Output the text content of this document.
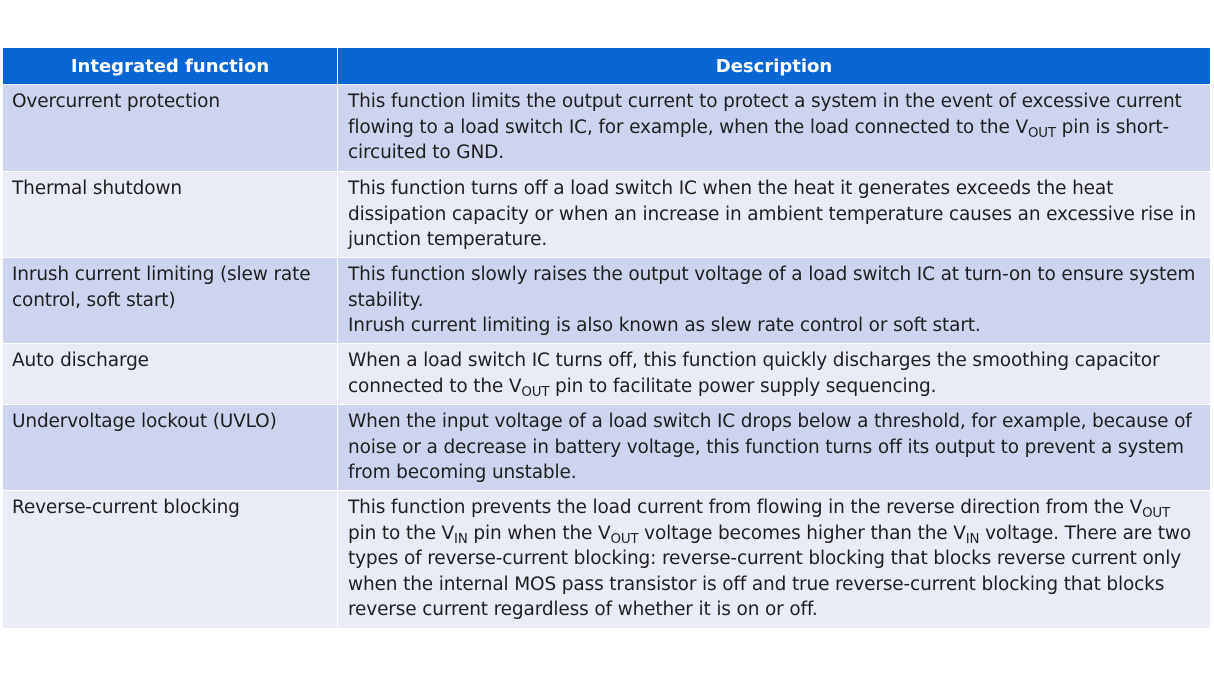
Integrated function	Description
Overcurrent protection	This function limits the output current to protect a system in the event of excessive current flowing to a load switch IC, for example, when the load connected to the $V_{OUT}$ pin is short-circuited to GND.
Thermal shutdown	This function turns off a load switch IC when the heat it generates exceeds the heat dissipation capacity or when an increase in ambient temperature causes an excessive rise in junction temperature.
Inrush current limiting (slew rate control, soft start)	This function slowly raises the output voltage of a load switch IC at turn-on to ensure system stability.
Inrush current limiting is also known as slew rate control or soft start.

Auto discharge	When a load switch IC turns off, this function quickly discharges the smoothing capacitor connected to the $V_{OUT}$ pin to facilitate power supply sequencing.
Undervoltage lockout (UVLO)	When the input voltage of a load switch IC drops below a threshold, for example, because of noise or a decrease in battery voltage, this function turns off its output to prevent a system from becoming unstable.
Reverse-current blocking	This function prevents the load current from flowing in the reverse direction from the $V_{OUT}$ pin to the $V_{IN}$ pin when the $V_{OUT}$ voltage becomes higher than the $V_{IN}$ voltage. There are two types of reverse-current blocking: reverse-current blocking that blocks reverse current only when the internal MOS pass transistor is off and true reverse-current blocking that blocks reverse current regardless of whether it is on or off.
